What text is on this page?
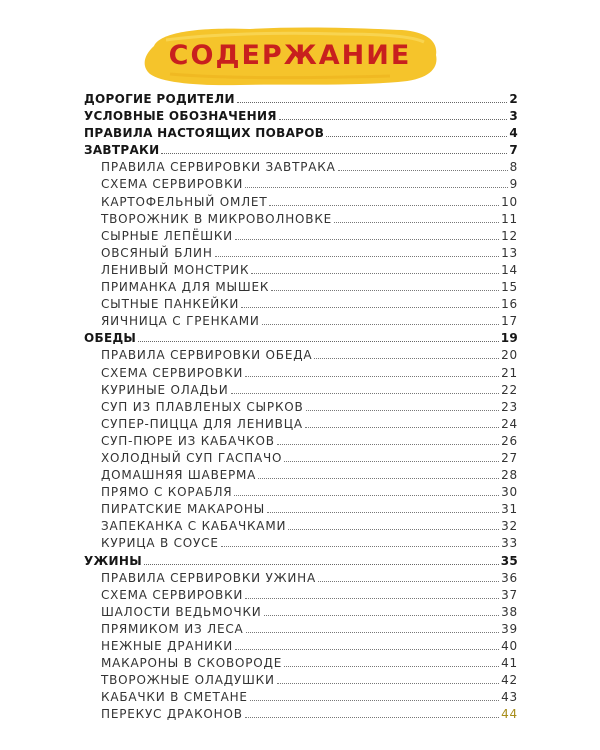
СОДЕРЖАНИЕ
ДОРОГИЕ РОДИТЕЛИ	2
УСЛОВНЫЕ ОБОЗНАЧЕНИЯ	3
ПРАВИЛА НАСТОЯЩИХ ПОВАРОВ	4
ЗАВТРАКИ	7
ПРАВИЛА СЕРВИРОВКИ ЗАВТРАКА	8
СХЕМА СЕРВИРОВКИ	9
КАРТОФЕЛЬНЫЙ ОМЛЕТ	10
ТВОРОЖНИК В МИКРОВОЛНОВКЕ	11
СЫРНЫЕ ЛЕПЁШКИ	12
ОВСЯНЫЙ БЛИН	13
ЛЕНИВЫЙ МОНСТРИК	14
ПРИМАНКА ДЛЯ МЫШЕК	15
СЫТНЫЕ ПАНКЕЙКИ	16
ЯИЧНИЦА С ГРЕНКАМИ	17
ОБЕДЫ	19
ПРАВИЛА СЕРВИРОВКИ ОБЕДА	20
СХЕМА СЕРВИРОВКИ	21
КУРИНЫЕ ОЛАДЬИ	22
СУП ИЗ ПЛАВЛЕНЫХ СЫРКОВ	23
СУПЕР-ПИЦЦА ДЛЯ ЛЕНИВЦА	24
СУП-ПЮРЕ ИЗ КАБАЧКОВ	26
ХОЛОДНЫЙ СУП ГАСПАЧО	27
ДОМАШНЯЯ ШАВЕРМА	28
ПРЯМО С КОРАБЛЯ	30
ПИРАТСКИЕ МАКАРОНЫ	31
ЗАПЕКАНКА С КАБАЧКАМИ	32
КУРИЦА В СОУСЕ	33
УЖИНЫ	35
ПРАВИЛА СЕРВИРОВКИ УЖИНА	36
СХЕМА СЕРВИРОВКИ	37
ШАЛОСТИ ВЕДЬМОЧКИ	38
ПРЯМИКОМ ИЗ ЛЕСА	39
НЕЖНЫЕ ДРАНИКИ	40
МАКАРОНЫ В СКОВОРОДЕ	41
ТВОРОЖНЫЕ ОЛАДУШКИ	42
КАБАЧКИ В СМЕТАНЕ	43
ПЕРЕКУС ДРАКОНОВ	44
